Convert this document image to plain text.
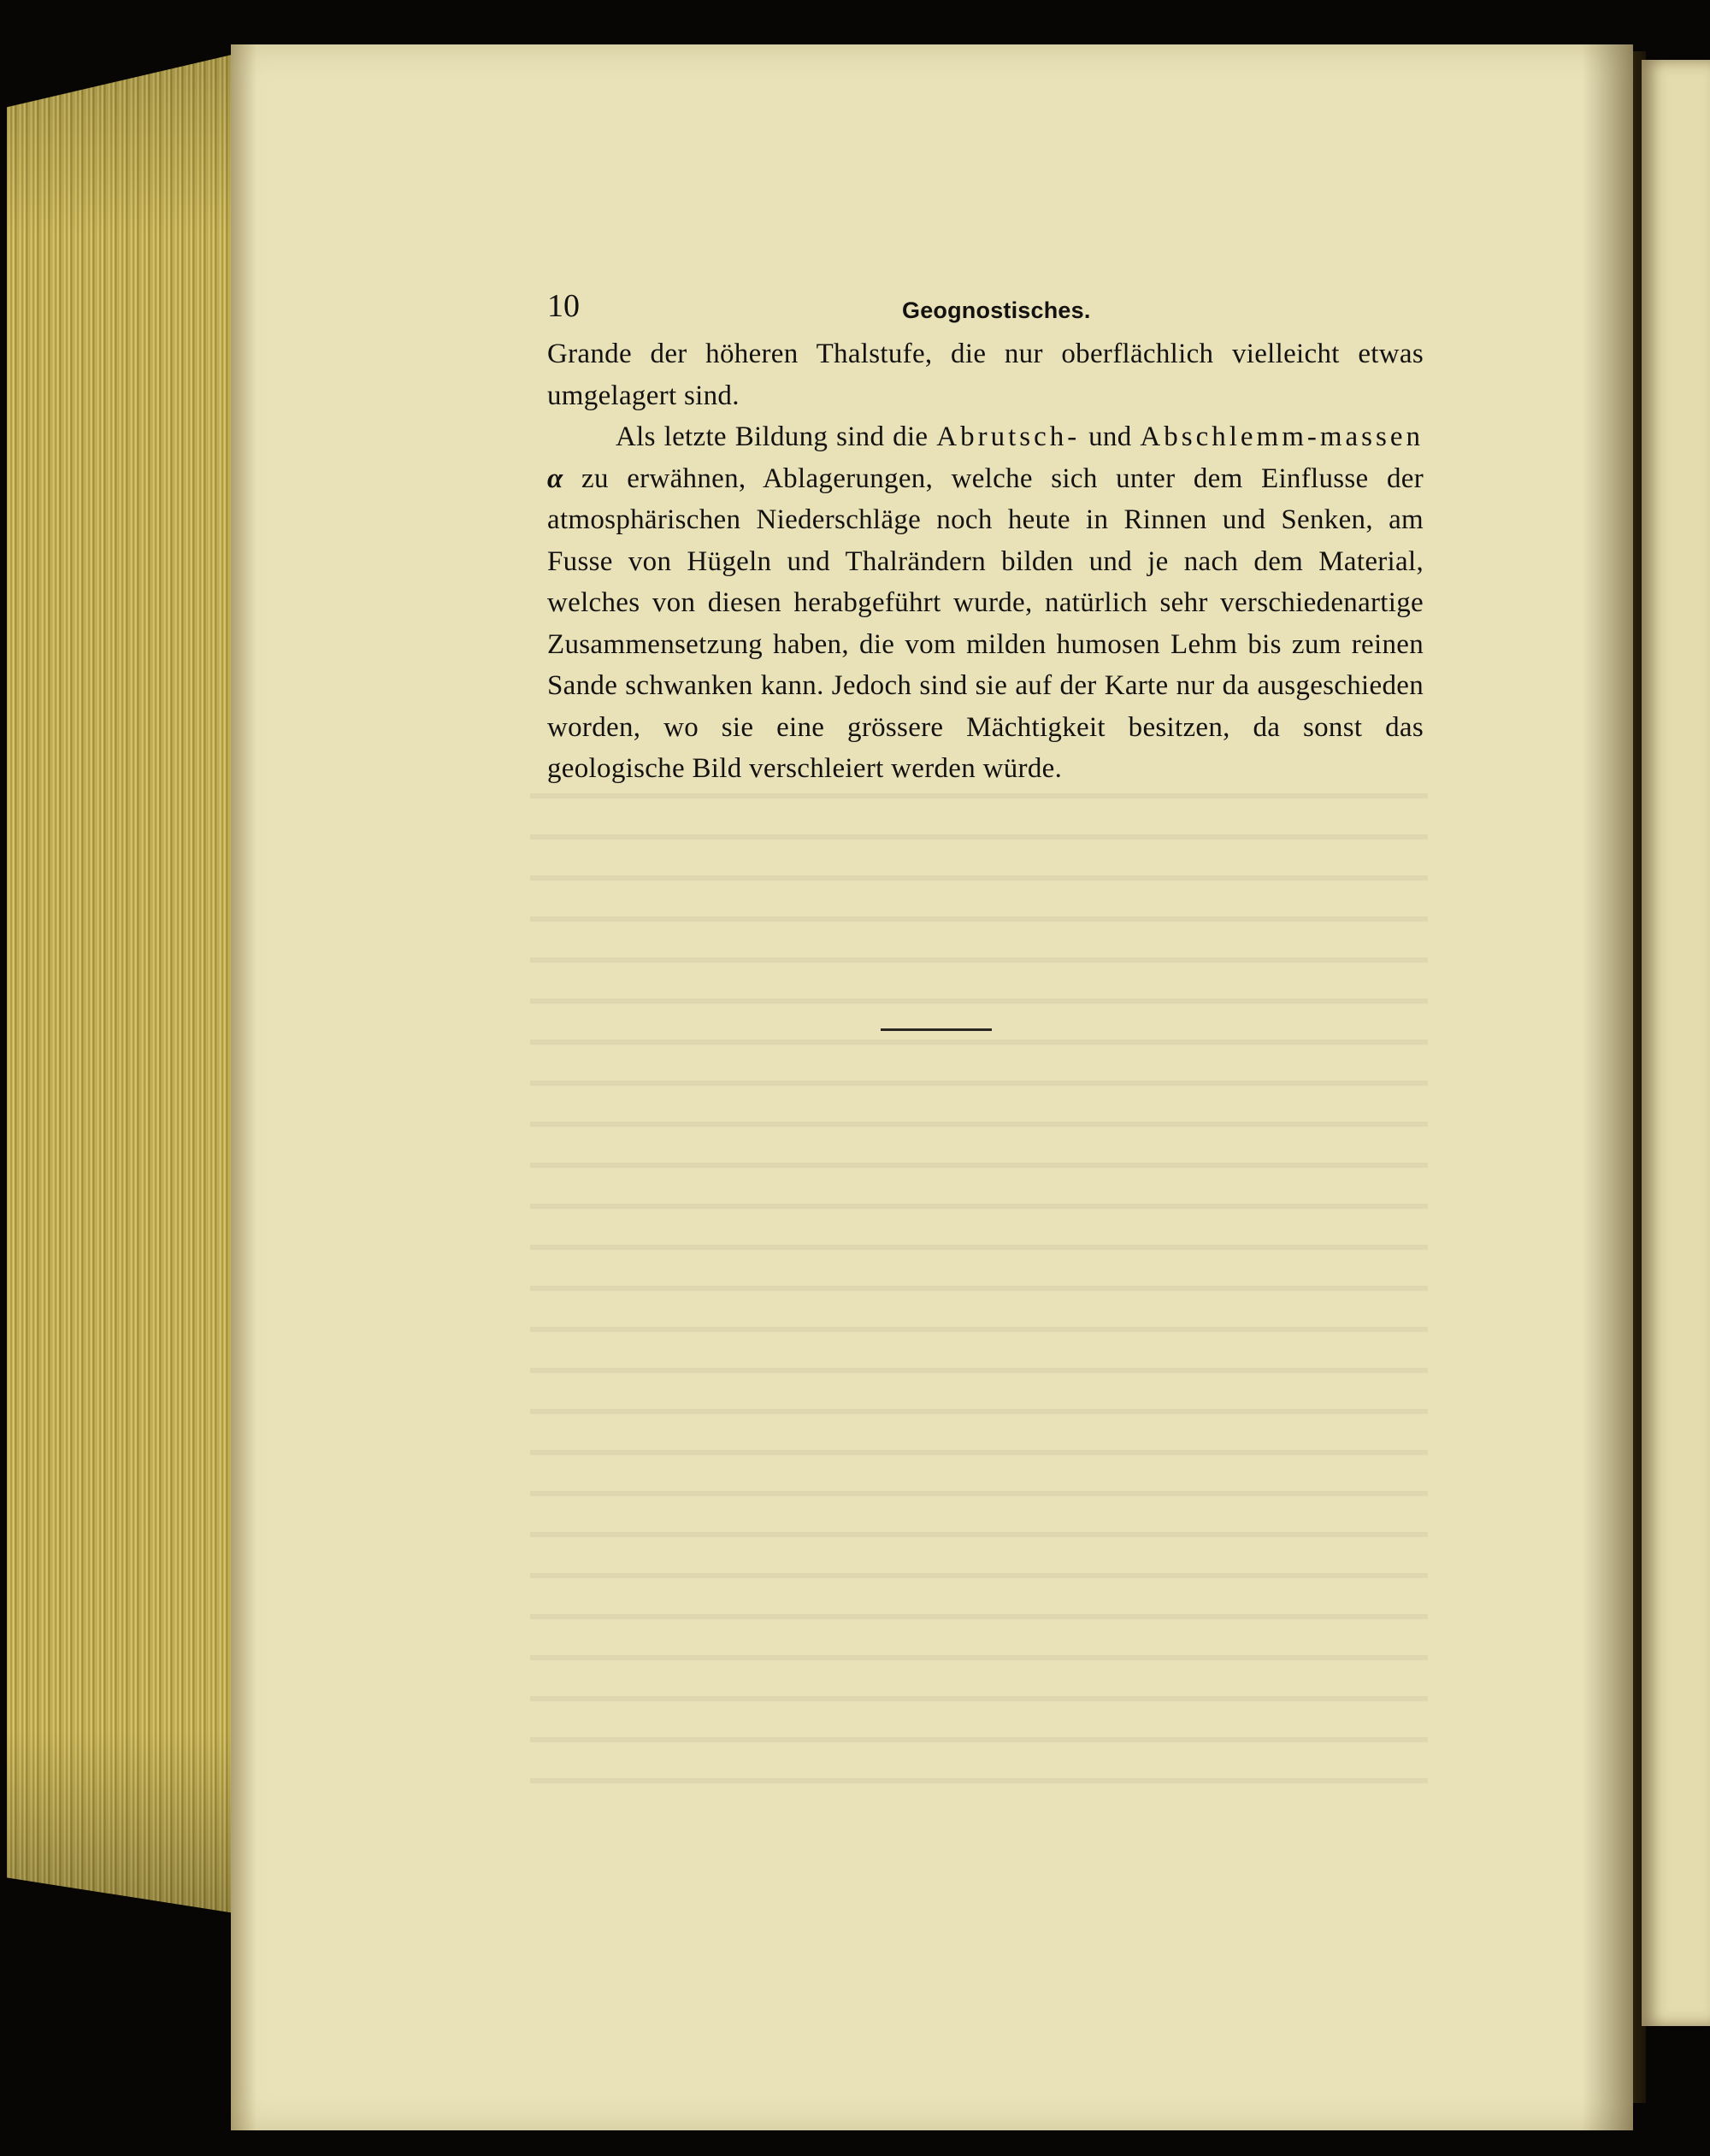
10	Geognostisches.

Grande der höheren Thalstufe, die nur oberflächlich vielleicht etwas umgelagert sind.

Als letzte Bildung sind die Abrutsch- und Abschlemm-massen α zu erwähnen, Ablagerungen, welche sich unter dem Einflusse der atmosphärischen Niederschläge noch heute in Rinnen und Senken, am Fusse von Hügeln und Thalrändern bilden und je nach dem Material, welches von diesen herabgeführt wurde, natürlich sehr verschiedenartige Zusammensetzung haben, die vom milden humosen Lehm bis zum reinen Sande schwanken kann. Jedoch sind sie auf der Karte nur da ausgeschieden worden, wo sie eine grössere Mächtigkeit besitzen, da sonst das geologische Bild verschleiert werden würde.
